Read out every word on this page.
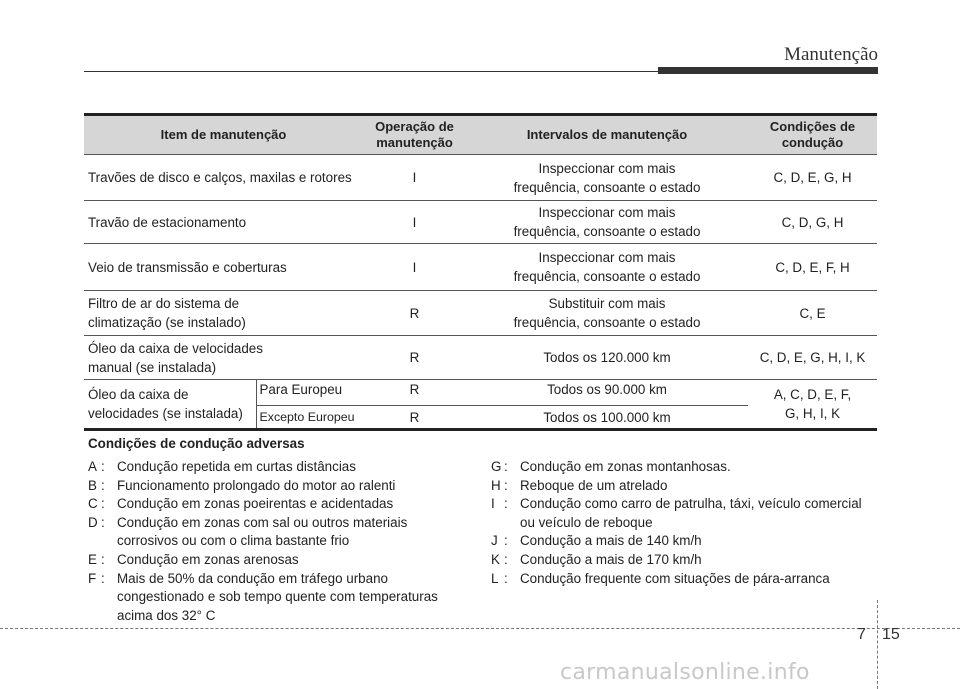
Manutenção
Item de manutenção		Operação de manutenção	Intervalos de manutenção	Condições de condução
Travões de disco e calços, maxilas e rotores		I	Inspeccionar com mais
frequência, consoante o estado	C, D, E, G, H
Travão de estacionamento		I	Inspeccionar com mais
frequência, consoante o estado	C, D, G, H
Veio de transmissão e coberturas		I	Inspeccionar com mais
frequência, consoante o estado	C, D, E, F, H
Filtro de ar do sistema de
climatização (se instalado)		R	Substituir com mais
frequência, consoante o estado	C, E
Óleo da caixa de velocidades
manual (se instalada)		R	Todos os 120.000 km	C, D, E, G, H, I, K
Óleo da caixa de
velocidades (se instalada)	Para Europeu	R	Todos os 90.000 km	A, C, D, E, F,
G, H, I, K
	Excepto Europeu	R	Todos os 100.000 km	
Condições de condução adversas
A : Condução repetida em curtas distâncias
B : Funcionamento prolongado do motor ao ralenti
C : Condução em zonas poeirentas e acidentadas
D : Condução em zonas com sal ou outros materiais corrosivos ou com o clima bastante frio
E : Condução em zonas arenosas
F : Mais de 50% da condução em tráfego urbano congestionado e sob tempo quente com temperaturas acima dos 32° C
G : Condução em zonas montanhosas.
H : Reboque de um atrelado
I : Condução como carro de patrulha, táxi, veículo comercial ou veículo de reboque
J : Condução a mais de 140 km/h
K : Condução a mais de 170 km/h
L : Condução frequente com situações de pára-arranca
7 15
carmanualsonline.info
